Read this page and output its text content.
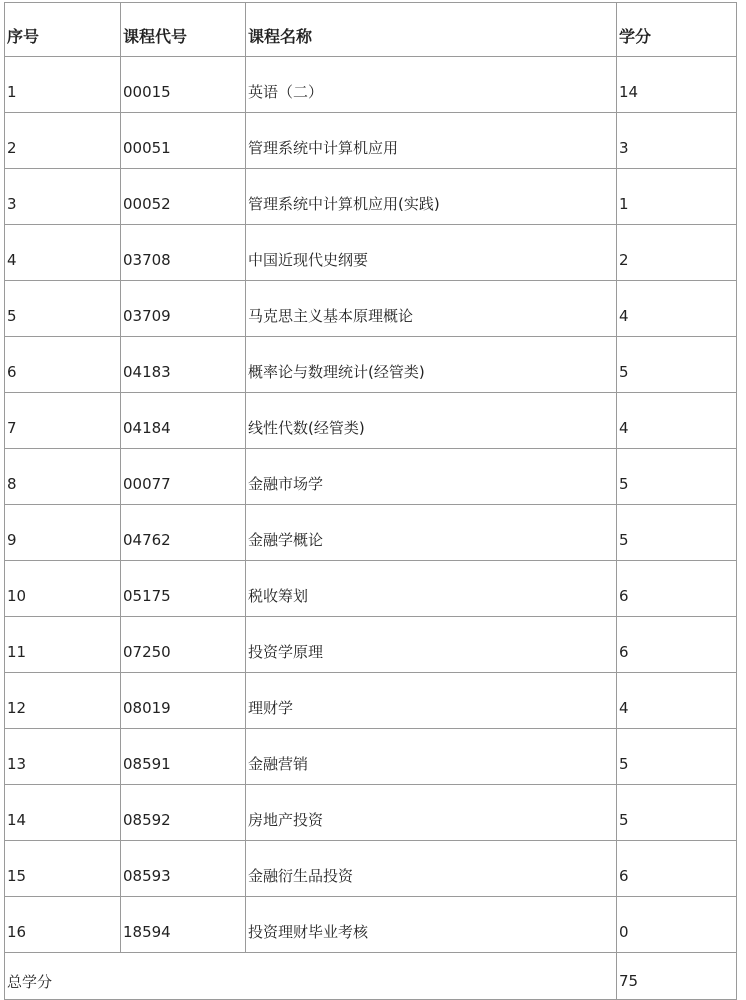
序号	课程代号	课程名称	学分
1	00015	英语（二）	14
2	00051	管理系统中计算机应用	3
3	00052	管理系统中计算机应用(实践)	1
4	03708	中国近现代史纲要	2
5	03709	马克思主义基本原理概论	4
6	04183	概率论与数理统计(经管类)	5
7	04184	线性代数(经管类)	4
8	00077	金融市场学	5
9	04762	金融学概论	5
10	05175	税收筹划	6
11	07250	投资学原理	6
12	08019	理财学	4
13	08591	金融营销	5
14	08592	房地产投资	5
15	08593	金融衍生品投资	6
16	18594	投资理财毕业考核	0
总学分			75
